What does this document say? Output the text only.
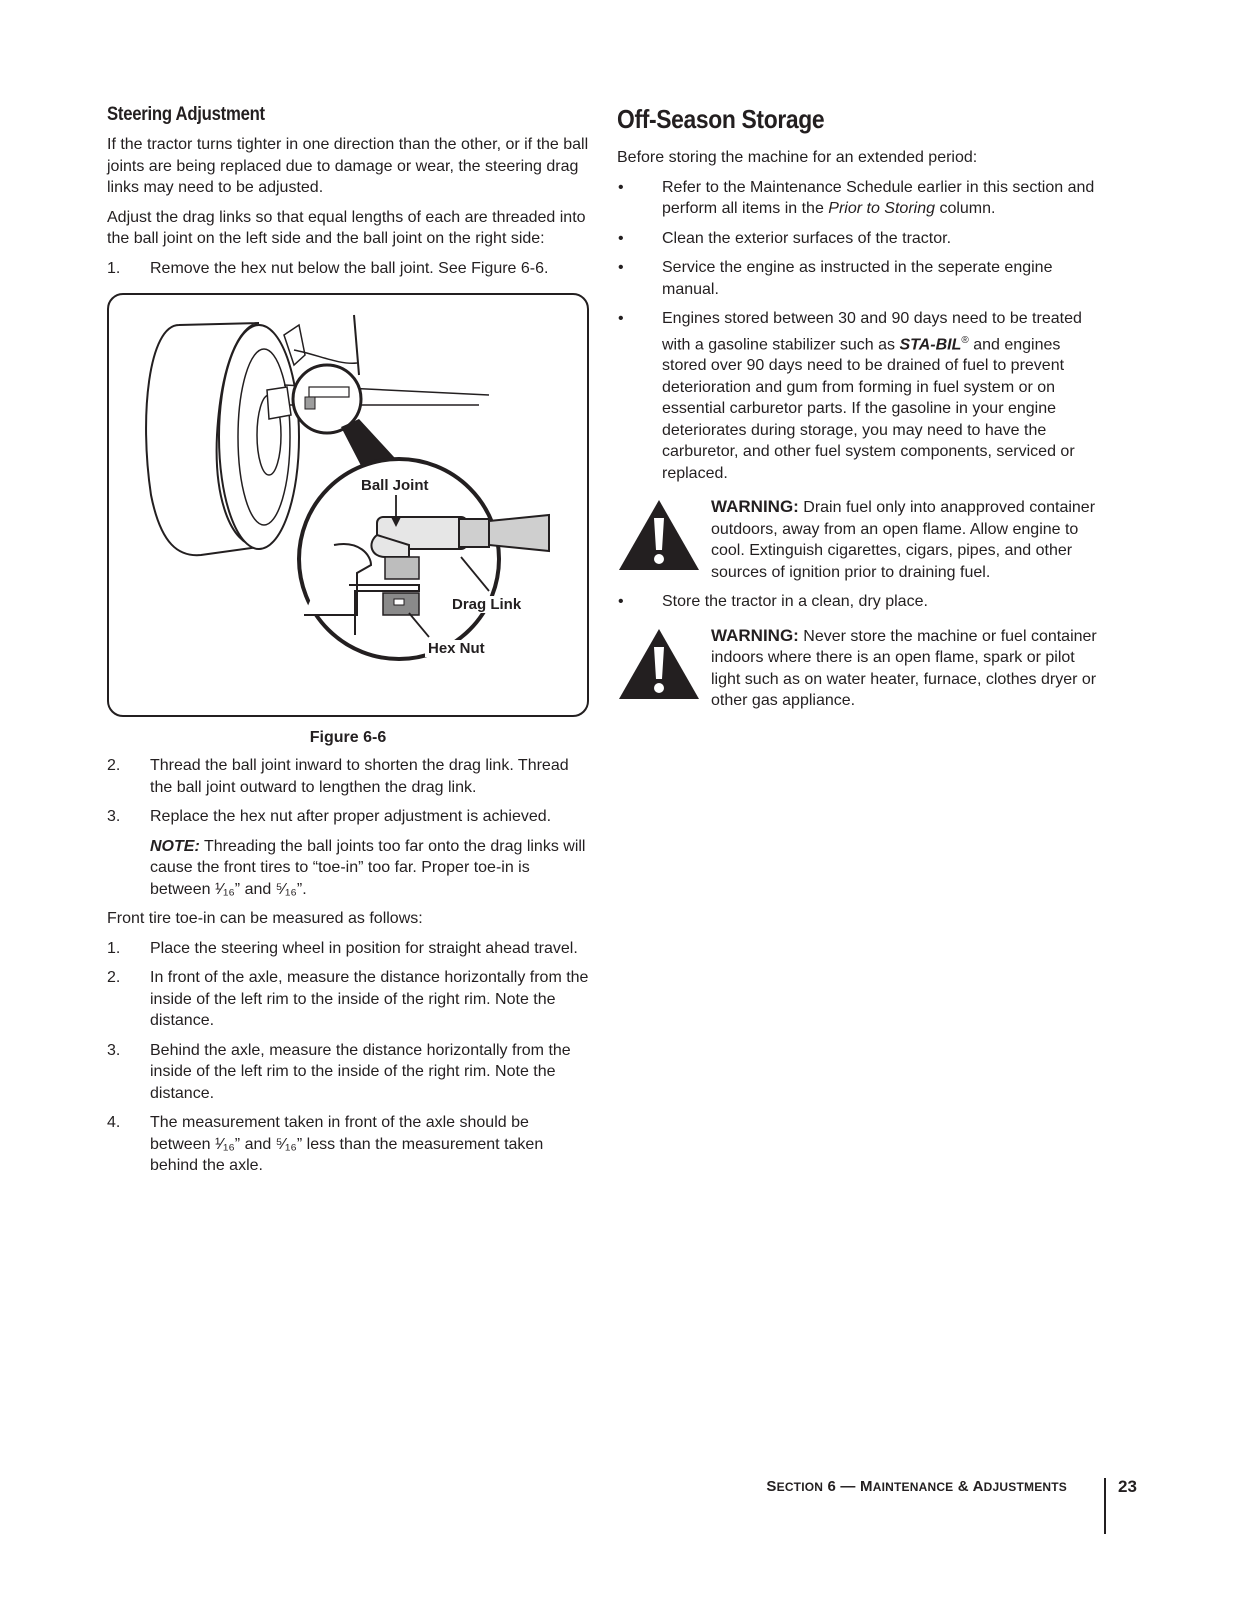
Steering Adjustment

If the tractor turns tighter in one direction than the other, or if the ball joints are being replaced due to damage or wear, the steering drag links may need to be adjusted.

Adjust the drag links so that equal lengths of each are threaded into the ball joint on the left side and the ball joint on the right side:

1.	Remove the hex nut below the ball joint. See Figure 6-6.
Ball Joint
Drag Link
Hex Nut
Figure 6-6
2.	Thread the ball joint inward to shorten the drag link. Thread the ball joint outward to lengthen the drag link.
3.	Replace the hex nut after proper adjustment is achieved.
NOTE: Threading the ball joints too far onto the drag links will cause the front tires to “toe-in” too far. Proper toe-in is between ¹⁄₁₆” and ⁵⁄₁₆”.

Front tire toe-in can be measured as follows:

1.	Place the steering wheel in position for straight ahead travel.
2.	In front of the axle, measure the distance horizontally from the inside of the left rim to the inside of the right rim. Note the distance.
3.	Behind the axle, measure the distance horizontally from the inside of the left rim to the inside of the right rim. Note the distance.
4.	The measurement taken in front of the axle should be between ¹⁄₁₆” and ⁵⁄₁₆” less than the measurement taken behind the axle.
Off-Season Storage

Before storing the machine for an extended period:

•	Refer to the Maintenance Schedule earlier in this section and perform all items in the Prior to Storing column.
•	Clean the exterior surfaces of the tractor.
•	Service the engine as instructed in the seperate engine manual.
•	Engines stored between 30 and 90 days need to be treated with a gasoline stabilizer such as STA-BIL® and engines stored over 90 days need to be drained of fuel to prevent deterioration and gum from forming in fuel system or on essential carburetor parts. If the gasoline in your engine deteriorates during storage, you may need to have the carburetor, and other fuel system components, serviced or replaced.
WARNING: Drain fuel only into anapproved container outdoors, away from an open flame. Allow engine to cool. Extinguish cigarettes, cigars, pipes, and other sources of ignition prior to draining fuel.
•	Store the tractor in a clean, dry place.
WARNING: Never store the machine or fuel container indoors where there is an open flame, spark or pilot light such as on water heater, furnace, clothes dryer or other gas appliance.
SECTION 6 — MAINTENANCE & ADJUSTMENTS	23
